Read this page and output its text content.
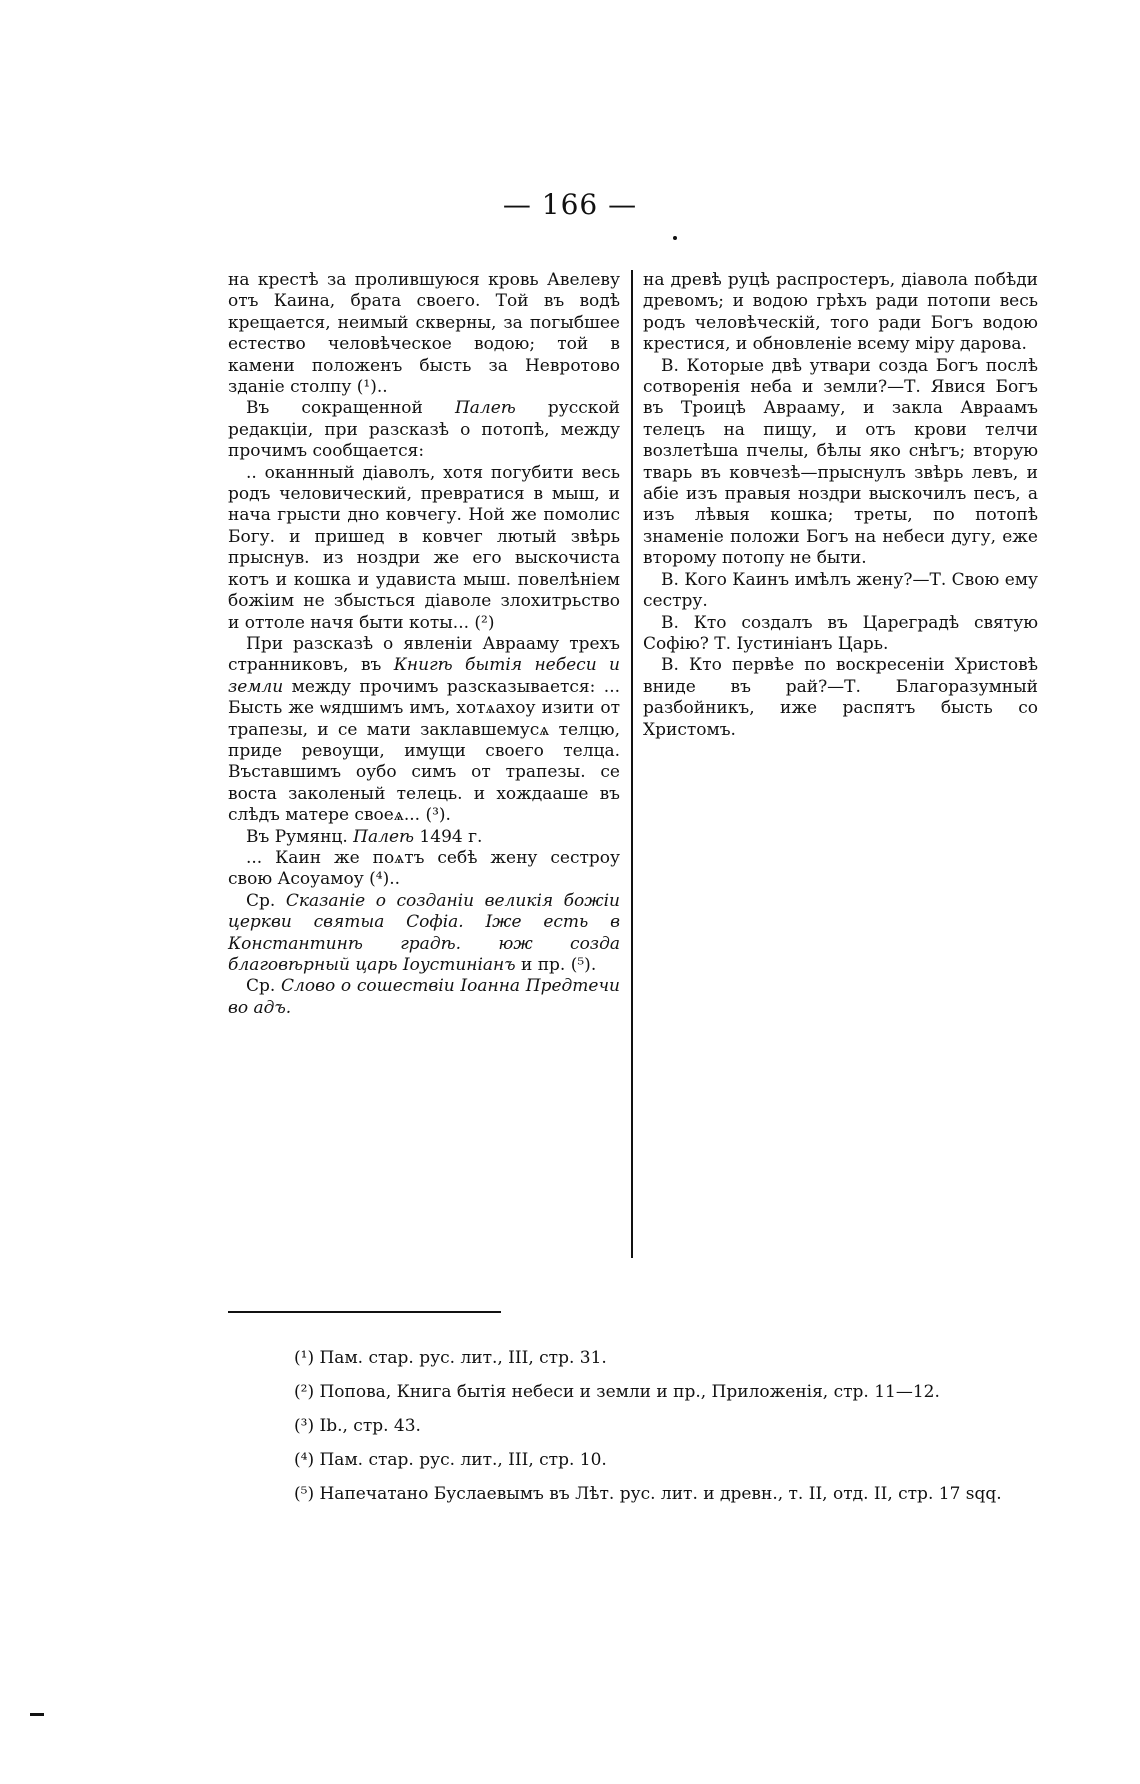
— 166 —

на крестѣ за пролившуюся кровь Авелеву отъ Каина, брата своего. Той въ водѣ крещается, неимый скверны, за погыбшее естество человѣческое водою; той в камени положенъ бысть за Невротово зданіе столпу (¹)..

Въ сокращенной Палеѣ русской редакціи, при разсказѣ о потопѣ, между прочимъ сообщается:

.. оканнный діаволъ, хотя погубити весь родъ человический, превратися в мыш, и нача грысти дно ковчегу. Ной же помолис Богу. и пришед в ковчег лютый звѣрь прыснув. из ноздри же его выскочиста котъ и кошка и удависта мыш. повелѣніем божіим не збысться діаволе злохитрьство и оттоле начя быти коты... (²)

При разсказѣ о явленіи Аврааму трехъ странниковъ, въ Книгѣ бытія небеси и земли между прочимъ разсказывается: ... Бысть же ѡядшимъ имъ, хотѧахоу изити от трапезы, и се мати заклавшемусѧ телцю, приде ревоущи, имущи своего телца. Въставшимъ оубо симъ от трапезы. се воста заколеный телець. и хождааше въ слѣдъ матере своеѧ... (³).

Въ Румянц. Палеѣ 1494 г.

... Каин же поѧтъ себѣ жену сестроу свою Асоуамоу (⁴)..

Ср. Сказаніе о созданіи великія божіи церкви святыа Софіа. Іже есть в Константинѣ градѣ. юж созда благовѣрный царь Іоустиніанъ и пр. (⁵).

Ср. Слово о сошествіи Іоанна Предтечи во адъ.

на древѣ руцѣ распростеръ, діавола побѣди древомъ; и водою грѣхъ ради потопи весь родъ человѣческій, того ради Богъ водою крестися, и обновленіе всему міру дарова.

В. Которые двѣ утвари созда Богъ послѣ сотворенія неба и земли?—Т. Явися Богъ въ Троицѣ Аврааму, и закла Авраамъ телецъ на пищу, и отъ крови телчи возлетѣша пчелы, бѣлы яко снѣгъ; вторую тварь въ ковчезѣ—прыснулъ звѣрь левъ, и абіе изъ правыя ноздри выскочилъ песъ, а изъ лѣвыя кошка; треты, по потопѣ знаменіе положи Богъ на небеси дугу, еже второму потопу не быти.

В. Кого Каинъ имѣлъ жену?—Т. Свою ему сестру.

В. Кто создалъ въ Цареградѣ святую Софію? Т. Іустиніанъ Царь.

В. Кто первѣе по воскресеніи Христовѣ вниде въ рай?—Т. Благоразумный разбойникъ, иже распятъ бысть со Христомъ.

(¹) Пам. стар. рус. лит., III, стр. 31.

(²) Попова, Книга бытія небеси и земли и пр., Приложенія, стр. 11—12.

(³) Ib., стр. 43.

(⁴) Пам. стар. рус. лит., III, стр. 10.

(⁵) Напечатано Буслаевымъ въ Лѣт. рус. лит. и древн., т. II, отд. II, стр. 17 sqq.
